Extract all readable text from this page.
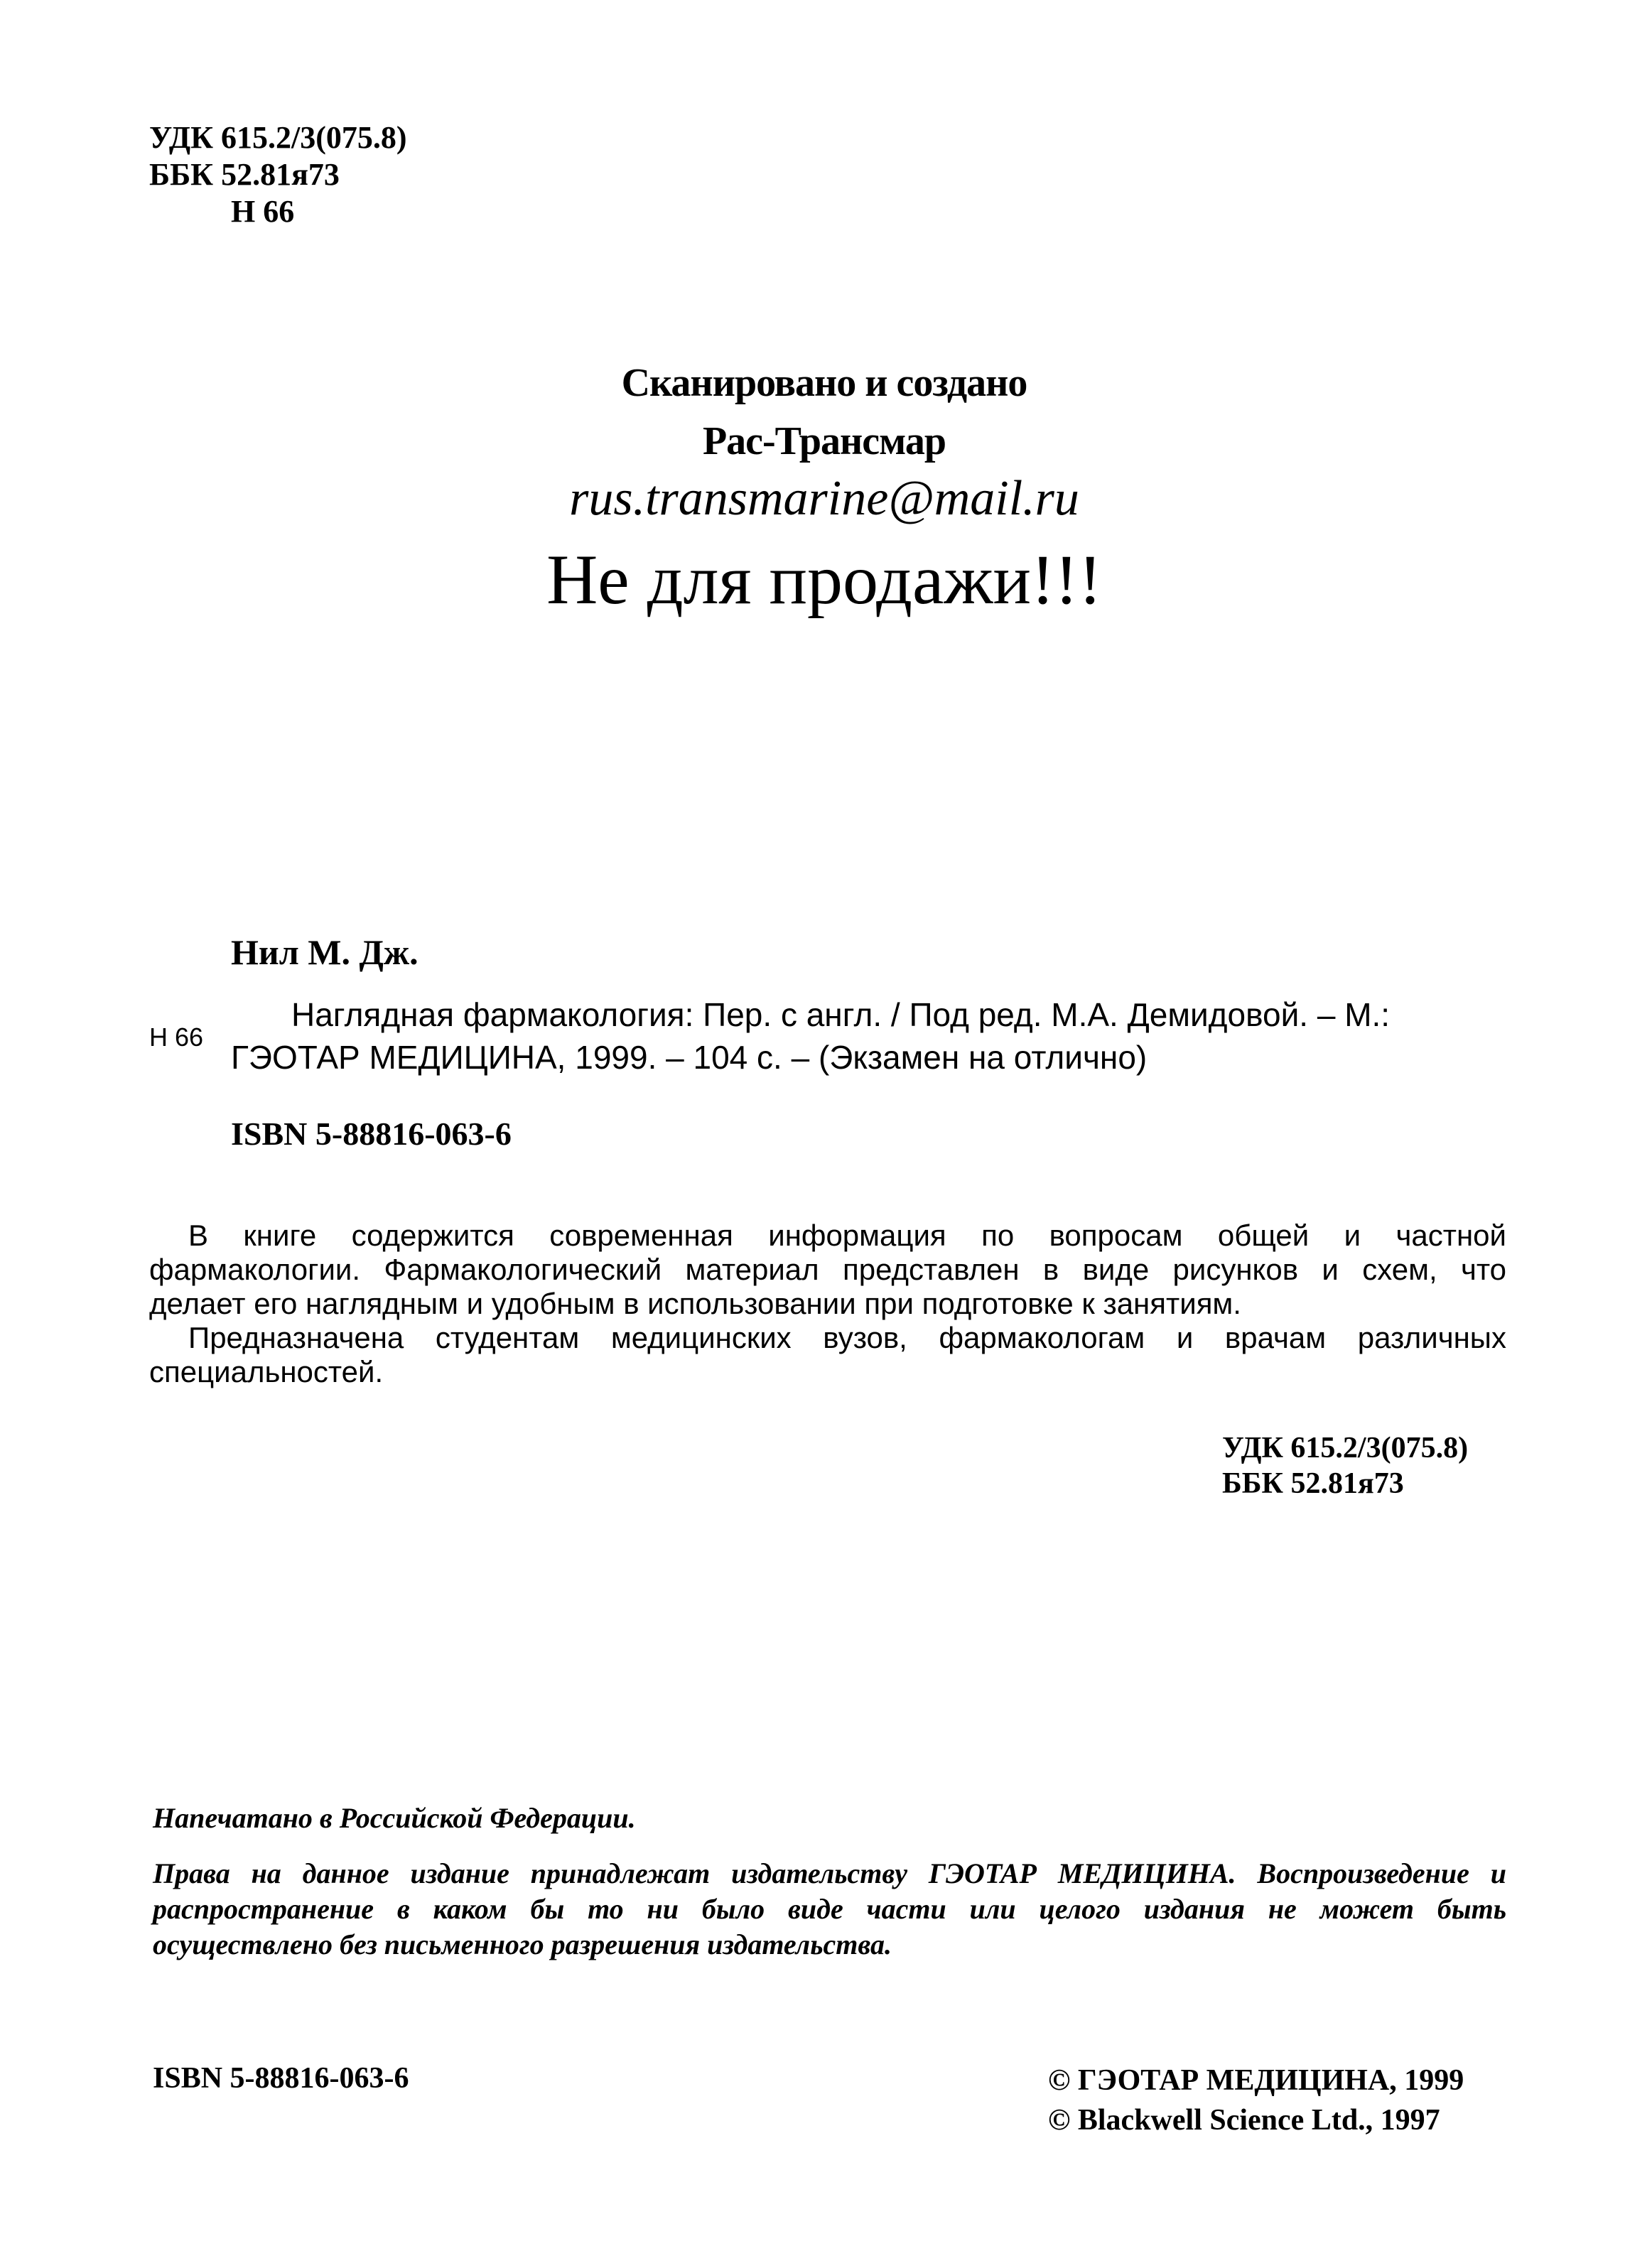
УДК 615.2/3(075.8)
ББК 52.81я73
Н 66
Сканировано и создано
Рас-Трансмар
rus.transmarine@mail.ru
Не для продажи!!!
Нил М. Дж.
Н 66
Наглядная фармакология: Пер. с англ. / Под ред. М.А. Демидовой. – М.:
ГЭОТАР МЕДИЦИНА, 1999. – 104 с. – (Экзамен на отлично)
ISBN 5-88816-063-6

В книге содержится современная информация по вопросам общей и частной

фармакологии. Фармакологический материал представлен в виде рисунков и схем, что

делает его наглядным и удобным в использовании при подготовке к занятиям.

Предназначена студентам медицинских вузов, фармакологам и врачам различных

специальностей.

УДК 615.2/3(075.8)
ББК 52.81я73
Напечатано в Российской Федерации.

Права на данное издание принадлежат издательству ГЭОТАР МЕДИЦИНА. Воспроизведение и

распространение в каком бы то ни было виде части или целого издания не может быть

осуществлено без письменного разрешения издательства.

ISBN 5-88816-063-6	© ГЭОТАР МЕДИЦИНА, 1999
© Blackwell Science Ltd., 1997
